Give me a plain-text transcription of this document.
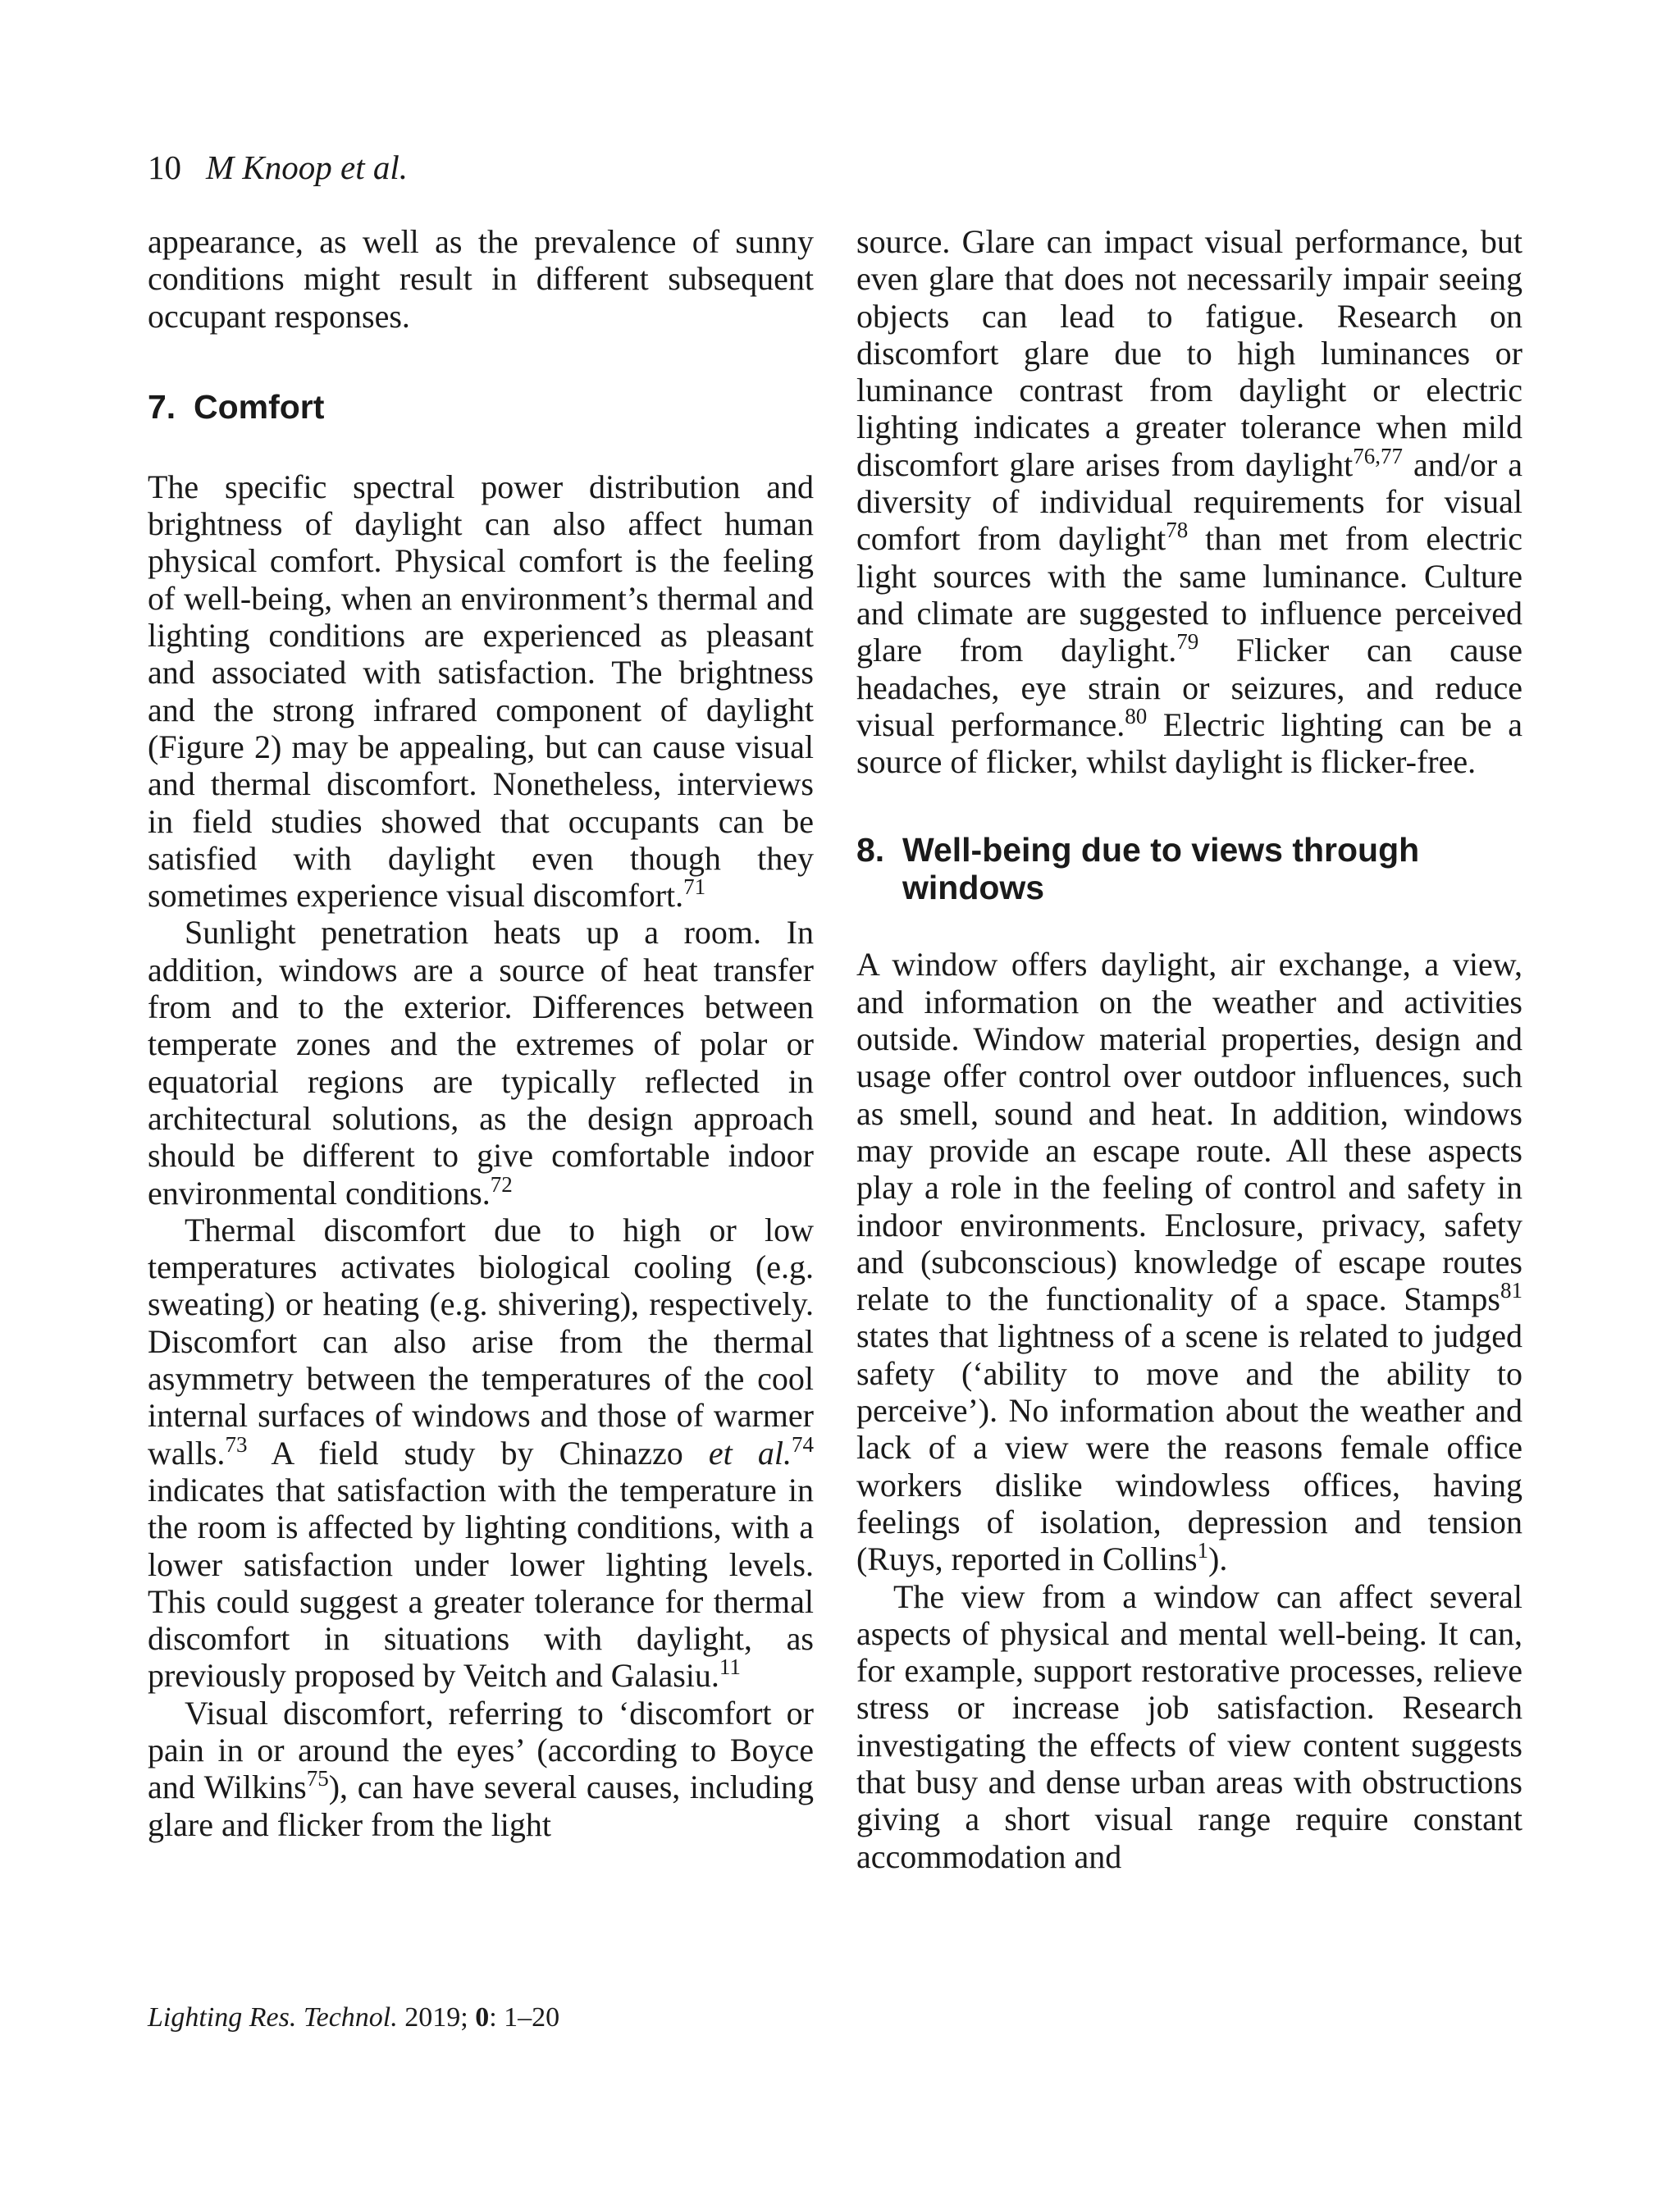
10 M Knoop et al.

appearance, as well as the prevalence of sunny conditions might result in different subsequent occupant responses.

7. Comfort

The specific spectral power distribution and brightness of daylight can also affect human physical comfort. Physical comfort is the feeling of well-being, when an environment’s thermal and lighting conditions are experienced as pleasant and associated with satisfaction. The brightness and the strong infrared component of daylight (Figure 2) may be appealing, but can cause visual and thermal discomfort. Nonetheless, interviews in field studies showed that occupants can be satisfied with daylight even though they sometimes experience visual discomfort.$^{71}$

Sunlight penetration heats up a room. In addition, windows are a source of heat transfer from and to the exterior. Differences between temperate zones and the extremes of polar or equatorial regions are typically reflected in architectural solutions, as the design approach should be different to give comfortable indoor environmental conditions.$^{72}$

Thermal discomfort due to high or low temperatures activates biological cooling (e.g. sweating) or heating (e.g. shivering), respectively. Discomfort can also arise from the thermal asymmetry between the temperatures of the cool internal surfaces of windows and those of warmer walls.$^{73}$ A field study by Chinazzo et al.$^{74}$ indicates that satisfaction with the temperature in the room is affected by lighting conditions, with a lower satisfaction under lower lighting levels. This could suggest a greater tolerance for thermal discomfort in situations with daylight, as previously proposed by Veitch and Galasiu.$^{11}$

Visual discomfort, referring to ‘discomfort or pain in or around the eyes’ (according to Boyce and Wilkins$^{75}$), can have several causes, including glare and flicker from the light

source. Glare can impact visual performance, but even glare that does not necessarily impair seeing objects can lead to fatigue. Research on discomfort glare due to high luminances or luminance contrast from daylight or electric lighting indicates a greater tolerance when mild discomfort glare arises from daylight$^{76,77}$ and/or a diversity of individual requirements for visual comfort from daylight$^{78}$ than met from electric light sources with the same luminance. Culture and climate are suggested to influence perceived glare from daylight.$^{79}$ Flicker can cause headaches, eye strain or seizures, and reduce visual performance.$^{80}$ Electric lighting can be a source of flicker, whilst daylight is flicker-free.

8. Well-being due to views through windows

A window offers daylight, air exchange, a view, and information on the weather and activities outside. Window material properties, design and usage offer control over outdoor influences, such as smell, sound and heat. In addition, windows may provide an escape route. All these aspects play a role in the feeling of control and safety in indoor environments. Enclosure, privacy, safety and (subconscious) knowledge of escape routes relate to the functionality of a space. Stamps$^{81}$ states that lightness of a scene is related to judged safety (‘ability to move and the ability to perceive’). No information about the weather and lack of a view were the reasons female office workers dislike windowless offices, having feelings of isolation, depression and tension (Ruys, reported in Collins$^1$).

The view from a window can affect several aspects of physical and mental well-being. It can, for example, support restorative processes, relieve stress or increase job satisfaction. Research investigating the effects of view content suggests that busy and dense urban areas with obstructions giving a short visual range require constant accommodation and

Lighting Res. Technol. 2019; 0: 1–20
